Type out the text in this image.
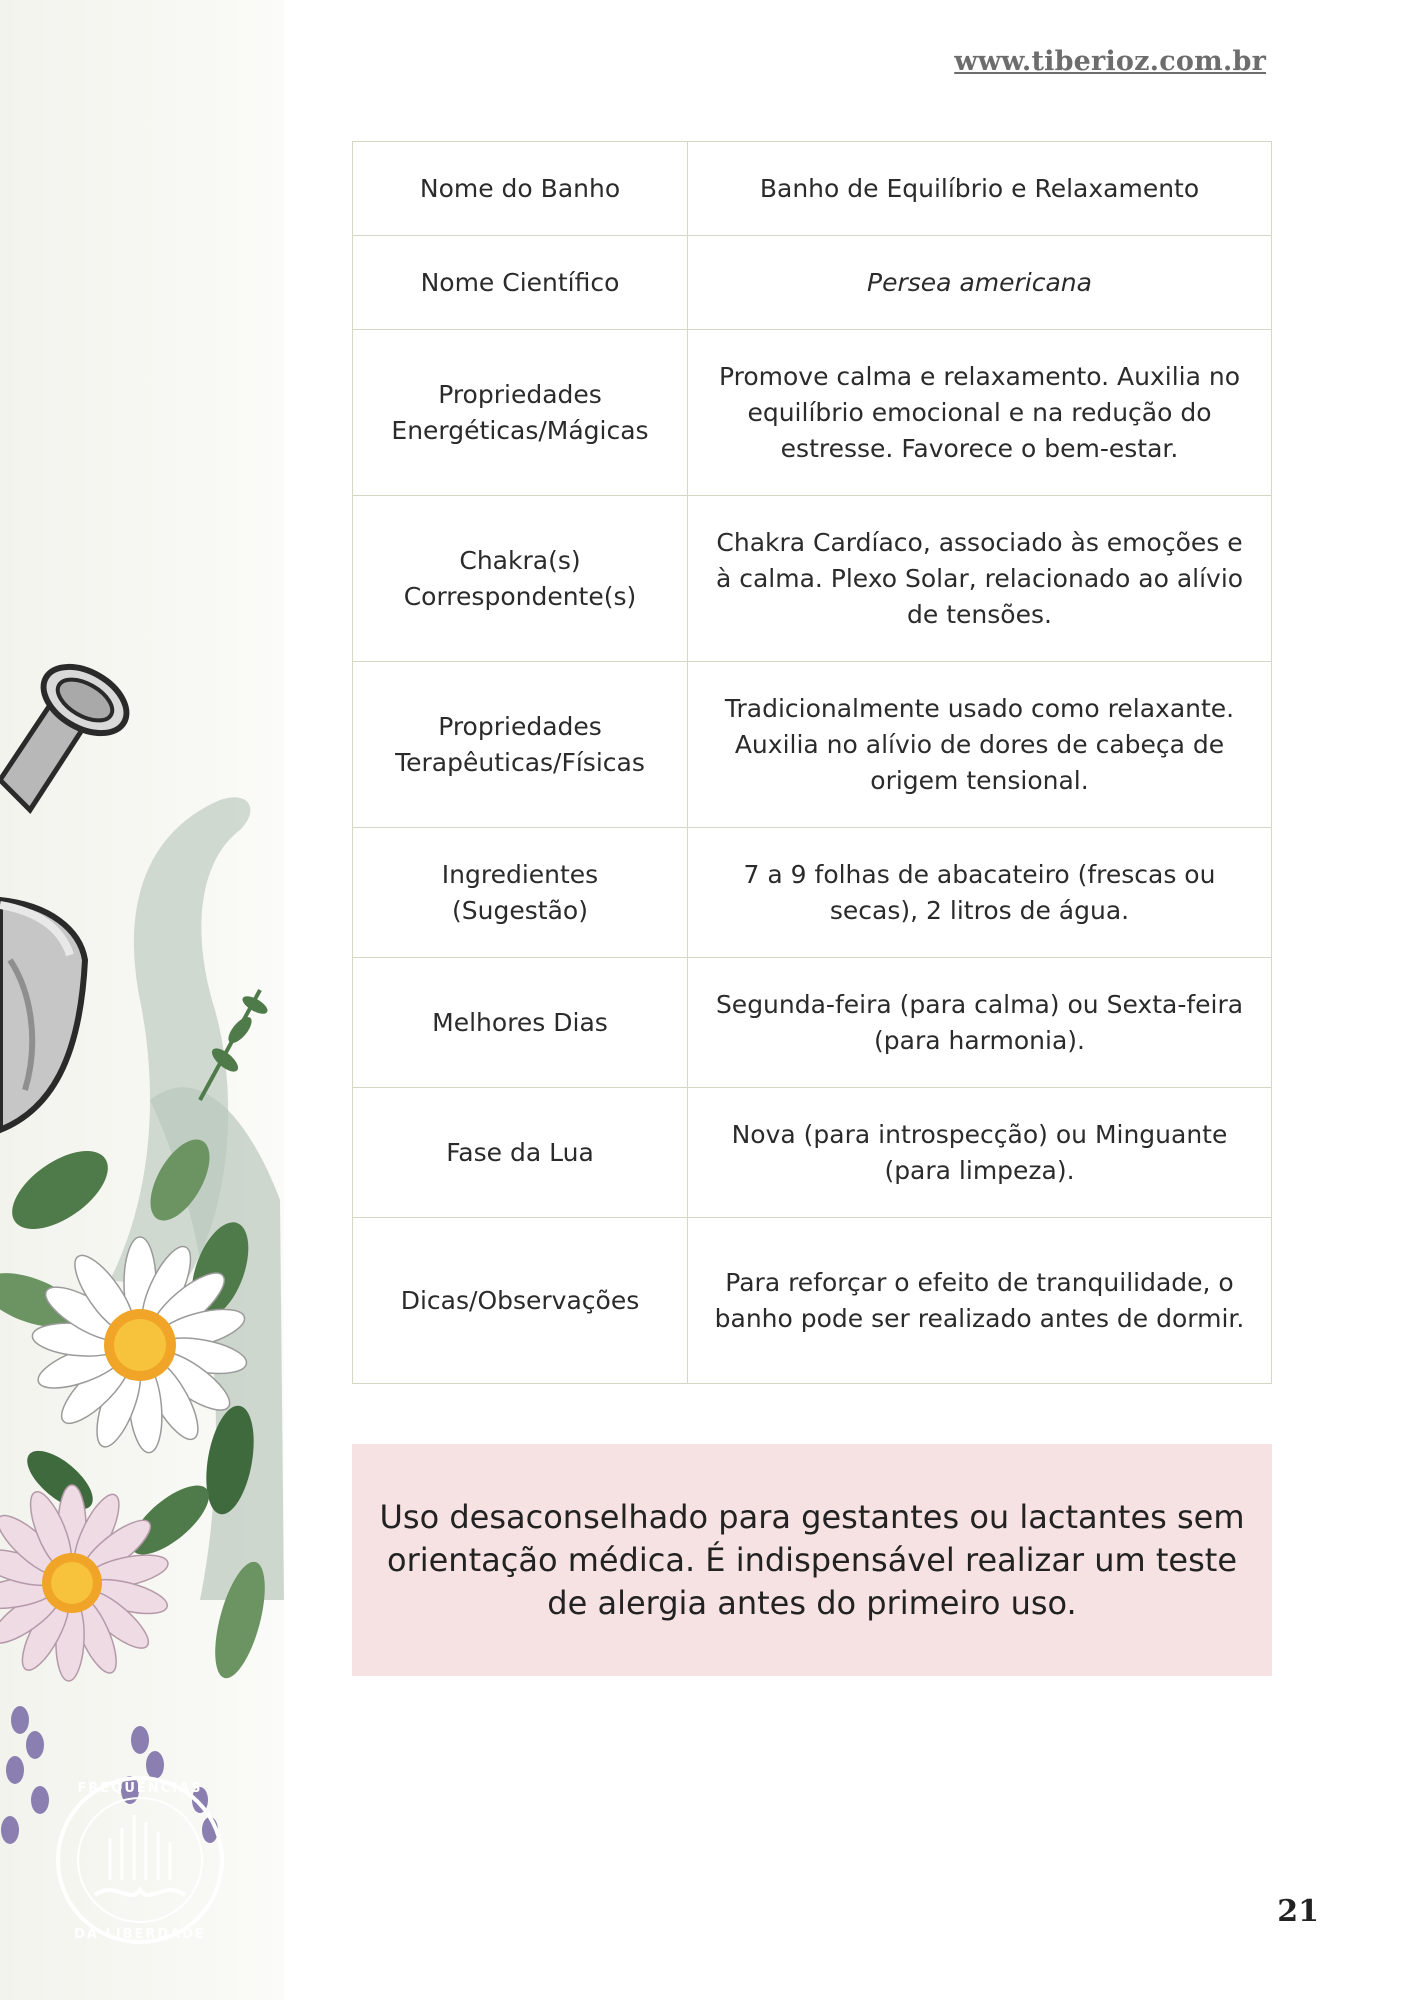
FREQUÊNCIAS
DA LIBERDADE
www.tiberioz.com.br
Nome do Banho	Banho de Equilíbrio e Relaxamento
Nome Científico	Persea americana
Propriedades Energéticas/Mágicas	Promove calma e relaxamento. Auxilia no equilíbrio emocional e na redução do estresse. Favorece o bem-estar.
Chakra(s) Correspondente(s)	Chakra Cardíaco, associado às emoções e à calma. Plexo Solar, relacionado ao alívio de tensões.
Propriedades Terapêuticas/Físicas	Tradicionalmente usado como relaxante. Auxilia no alívio de dores de cabeça de origem tensional.
Ingredientes (Sugestão)	7 a 9 folhas de abacateiro (frescas ou secas), 2 litros de água.
Melhores Dias	Segunda-feira (para calma) ou Sexta-feira (para harmonia).
Fase da Lua	Nova (para introspecção) ou Minguante (para limpeza).
Dicas/Observações	Para reforçar o efeito de tranquilidade, o banho pode ser realizado antes de dormir.
Uso desaconselhado para gestantes ou lactantes sem orientação médica. É indispensável realizar um teste de alergia antes do primeiro uso.
21
